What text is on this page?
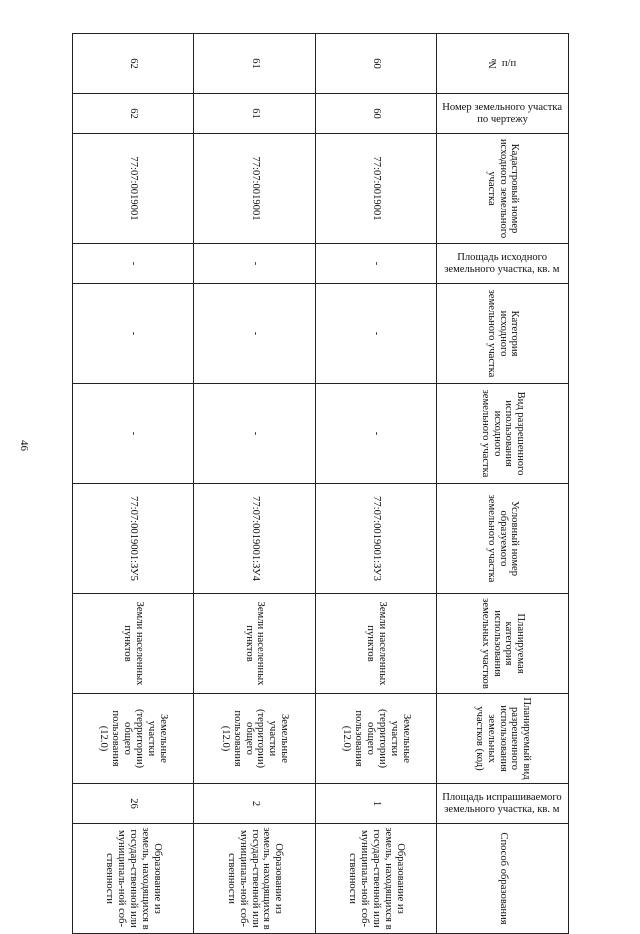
46
№ п/п	Номер земельного участка по чертежу	Кадастровый номер исходного земельного участка	Площадь исходного земельного участка, кв. м	Категория исходного земельного участка	Вид разрешенного использования исходного земельного участка	Условный номер образуемого земельного участка	Планируемая категория использования земельных участков	Планируемый вид разрешенного использования земельных участков (код)	Площадь испрашиваемого земельного участка, кв. м	Способ образования
60	60	77:07:0019001	-	-	-	77:07:0019001:ЗУ3	Земли населенных пунктов	Земельные участки (территории) общего пользования (12.0)	1	Образование из земель, находящихся в государ-ственной или муниципаль-ной соб-ственности
61	61	77:07:0019001	-	-	-	77:07:0019001:ЗУ4	Земли населенных пунктов	Земельные участки (территории) общего пользования (12.0)	2	Образование из земель, находящихся в государ-ственной или муниципаль-ной соб-ственности
62	62	77:07:0019001	-	-	-	77:07:0019001:ЗУ5	Земли населенных пунктов	Земельные участки (территории) общего пользования (12.0)	26	Образование из земель, находящихся в государ-ственной или муниципаль-ной соб-ственности
